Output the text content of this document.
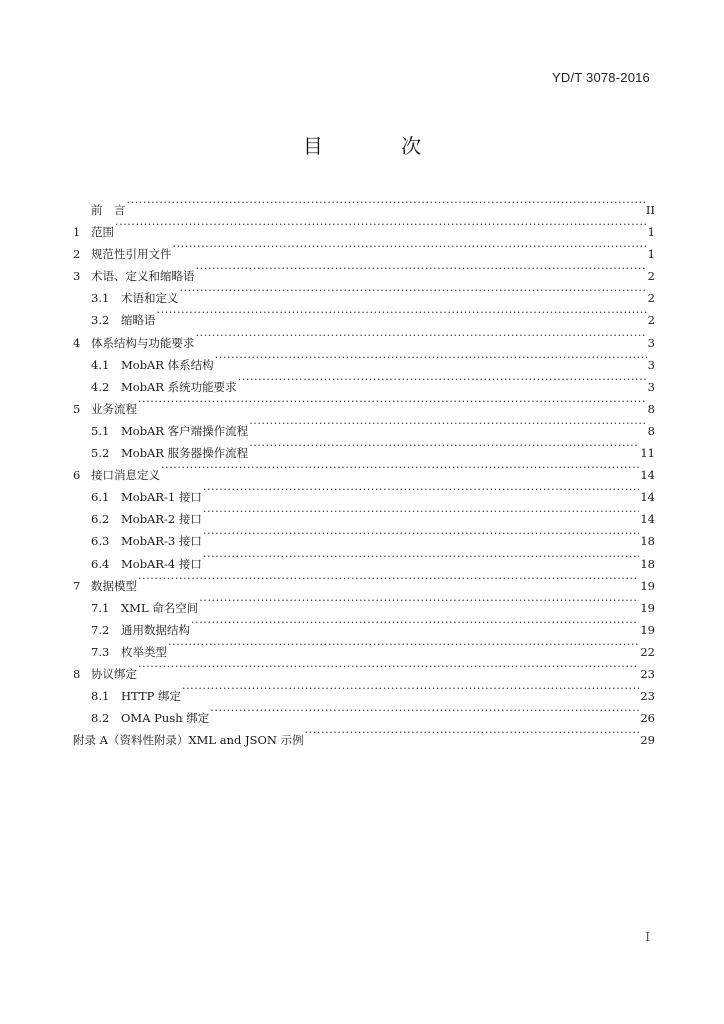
YD/T 3078-2016
目 次
前　言 ·····	II
1 范围 ·····	1
2 规范性引用文件 ·····	1
3 术语、定义和缩略语 ·····	2
3.1	术语和定义 ·····	2
3.2	缩略语 ·····	2
4 体系结构与功能要求 ·····	3
4.1	MobAR 体系结构 ·····	3
4.2	MobAR 系统功能要求 ·····	3
5 业务流程 ·····	8
5.1	MobAR 客户端操作流程 ·····	8
5.2	MobAR 服务器操作流程 ·····	11
6 接口消息定义 ·····	14
6.1	MobAR-1 接口 ·····	14
6.2	MobAR-2 接口 ·····	14
6.3	MobAR-3 接口 ·····	18
6.4	MobAR-4 接口 ·····	18
7 数据模型 ·····	19
7.1	XML 命名空间 ·····	19
7.2	通用数据结构 ·····	19
7.3	枚举类型 ·····	22
8 协议绑定 ·····	23
8.1	HTTP 绑定 ·····	23
8.2	OMA Push 绑定 ·····	26
附录 A（资料性附录）XML and JSON 示例 ·····	29
I
